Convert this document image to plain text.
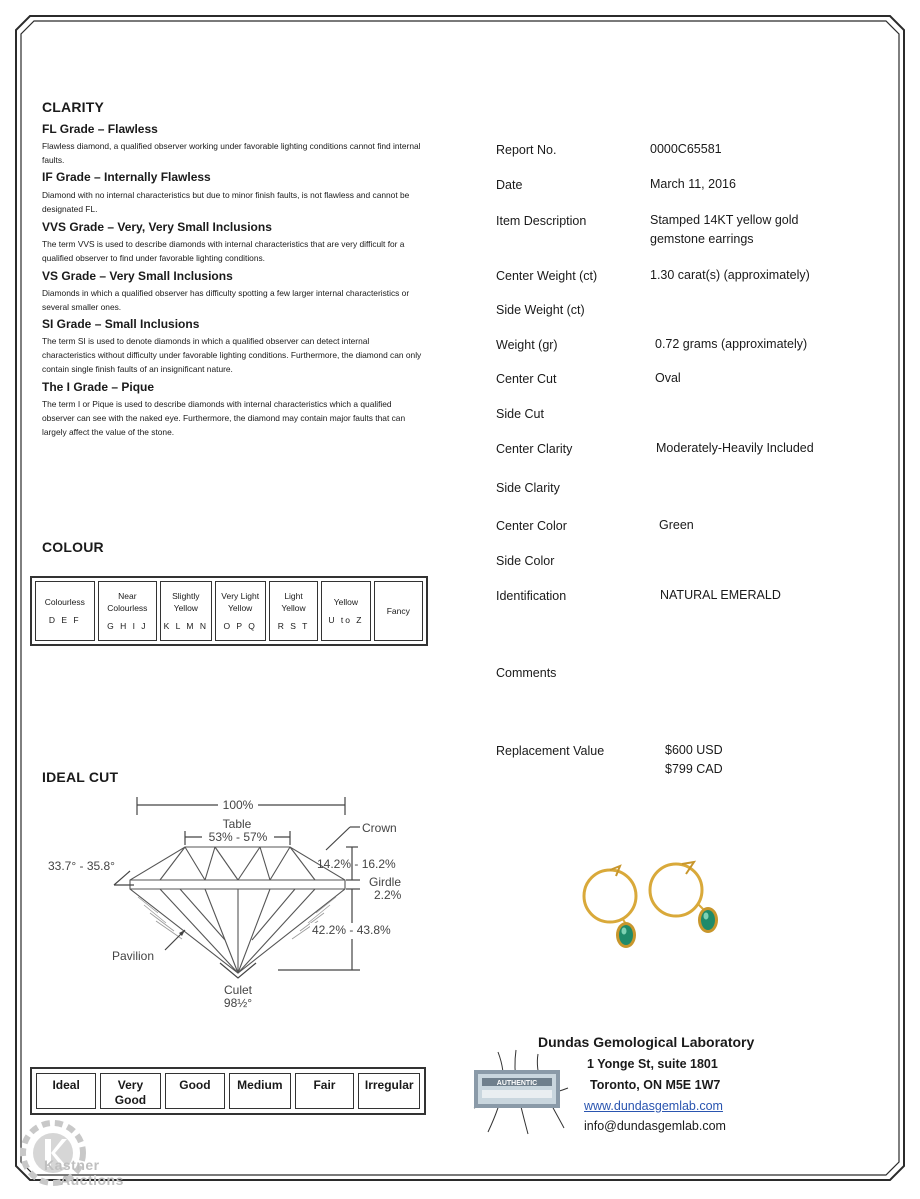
CLARITY
FL Grade – Flawless
Flawless diamond, a qualified observer working under favorable lighting conditions cannot find internal faults.
IF Grade – Internally Flawless
Diamond with no internal characteristics but due to minor finish faults, is not flawless and cannot be designated FL.
VVS Grade – Very, Very Small Inclusions
The term VVS is used to describe diamonds with internal characteristics that are very difficult for a qualified observer to find under favorable lighting conditions.
VS Grade – Very Small Inclusions
Diamonds in which a qualified observer has difficulty spotting a few larger internal characteristics or several smaller ones.
SI Grade – Small Inclusions
The term SI is used to denote diamonds in which a qualified observer can detect internal characteristics without difficulty under favorable lighting conditions. Furthermore, the diamond can only contain single finish faults of an insignificant nature.
The I Grade – Pique
The term I or Pique is used to describe diamonds with internal characteristics which a qualified observer can see with the naked eye. Furthermore, the diamond may contain major faults that can largely affect the value of the stone.
COLOUR
Colourless
D E F
	Near Colourless
G H I J
	Slightly Yellow
K L M N
	Very Light Yellow
O P Q
	Light Yellow
R S T
	Yellow
U to Z
	Fancy
IDEAL CUT
100%
Table
53% - 57%
Crown
33.7° - 35.8°	14.2% - 16.2%
Girdle
2.2%
42.2% - 43.8%
Pavilion
Culet
98½°
Ideal	Very Good	Good	Medium	Fair	Irregular
Report No.	0000C65581
Date	March 11, 2016
Item Description	Stamped 14KT yellow gold gemstone earrings
Center Weight (ct)	1.30 carat(s) (approximately)
Side Weight (ct)
Weight (gr)	0.72 grams (approximately)
Center Cut	Oval
Side Cut
Center Clarity	Moderately-Heavily Included
Side Clarity
Center Color	Green
Side Color
Identification	NATURAL EMERALD
Comments
Replacement Value	$600 USD
$799 CAD
Dundas Gemological Laboratory
1 Yonge St, suite 1801
Toronto, ON M5E 1W7
www.dundasgemlab.com
info@dundasgemlab.com
AUTHENTIC
Kastner
Auctions
